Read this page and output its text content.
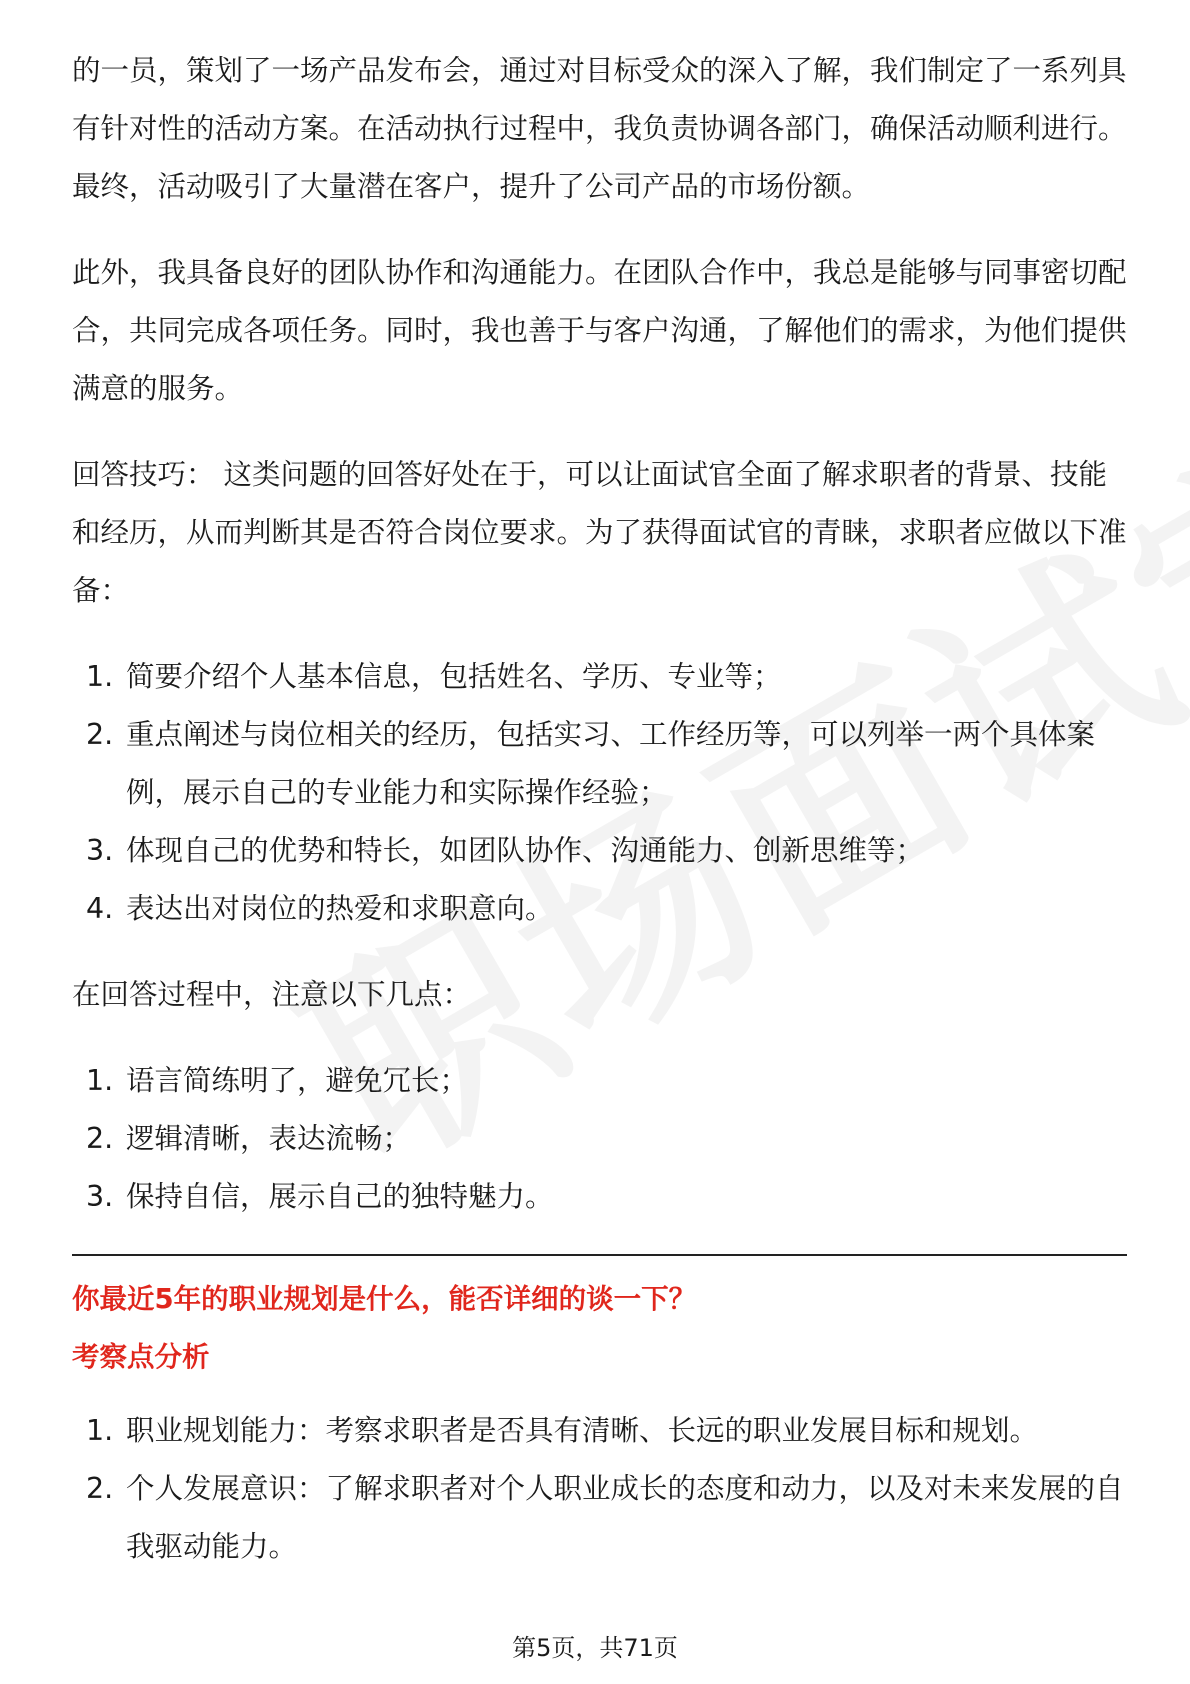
的一员，策划了一场产品发布会，通过对目标受众的深入了解，我们制定了一系列具有针对性的活动方案。在活动执行过程中，我负责协调各部门，确保活动顺利进行。最终，活动吸引了大量潜在客户，提升了公司产品的市场份额。

此外，我具备良好的团队协作和沟通能力。在团队合作中，我总是能够与同事密切配合，共同完成各项任务。同时，我也善于与客户沟通，了解他们的需求，为他们提供满意的服务。

回答技巧： 这类问题的回答好处在于，可以让面试官全面了解求职者的背景、技能和经历，从而判断其是否符合岗位要求。为了获得面试官的青睐，求职者应做以下准备：

1. 简要介绍个人基本信息，包括姓名、学历、专业等；
2. 重点阐述与岗位相关的经历，包括实习、工作经历等，可以列举一两个具体案例，展示自己的专业能力和实际操作经验；
3. 体现自己的优势和特长，如团队协作、沟通能力、创新思维等；
4. 表达出对岗位的热爱和求职意向。

在回答过程中，注意以下几点：

1. 语言简练明了，避免冗长；
2. 逻辑清晰，表达流畅；
3. 保持自信，展示自己的独特魅力。
你最近5年的职业规划是什么，能否详细的谈一下？
考察点分析
1. 职业规划能力：考察求职者是否具有清晰、长远的职业发展目标和规划。
2. 个人发展意识：了解求职者对个人职业成长的态度和动力，以及对未来发展的自我驱动能力。
第5页，共71页
